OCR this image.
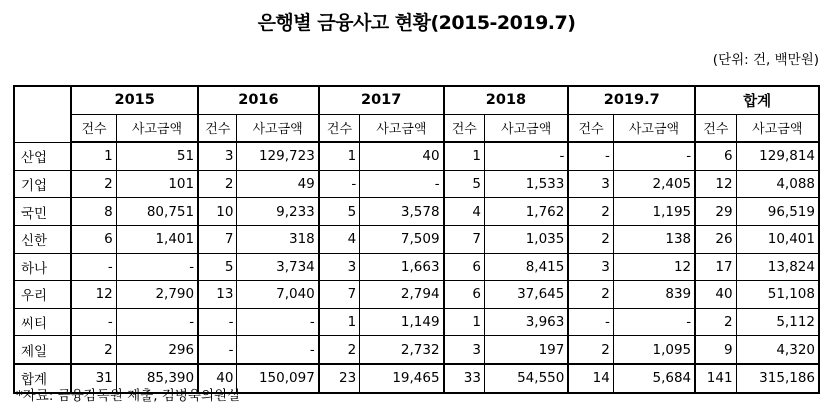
은행별 금융사고 현황(2015-2019.7)
(단위: 건, 백만원)
	2015		2016		2017		2018		2019.7		합계	
	건수	사고금액	건수	사고금액	건수	사고금액	건수	사고금액	건수	사고금액	건수	사고금액
산업	1	51	3	129,723	1	40	1	-	-	-	6	129,814
기업	2	101	2	49	-	-	5	1,533	3	2,405	12	4,088
국민	8	80,751	10	9,233	5	3,578	4	1,762	2	1,195	29	96,519
신한	6	1,401	7	318	4	7,509	7	1,035	2	138	26	10,401
하나	-	-	5	3,734	3	1,663	6	8,415	3	12	17	13,824
우리	12	2,790	13	7,040	7	2,794	6	37,645	2	839	40	51,108
씨티	-	-	-	-	1	1,149	1	3,963	-	-	2	5,112
제일	2	296	-	-	2	2,732	3	197	2	1,095	9	4,320
합계	31	85,390	40	150,097	23	19,465	33	54,550	14	5,684	141	315,186
*자료: 금융감독원 제출, 김병욱의원실
